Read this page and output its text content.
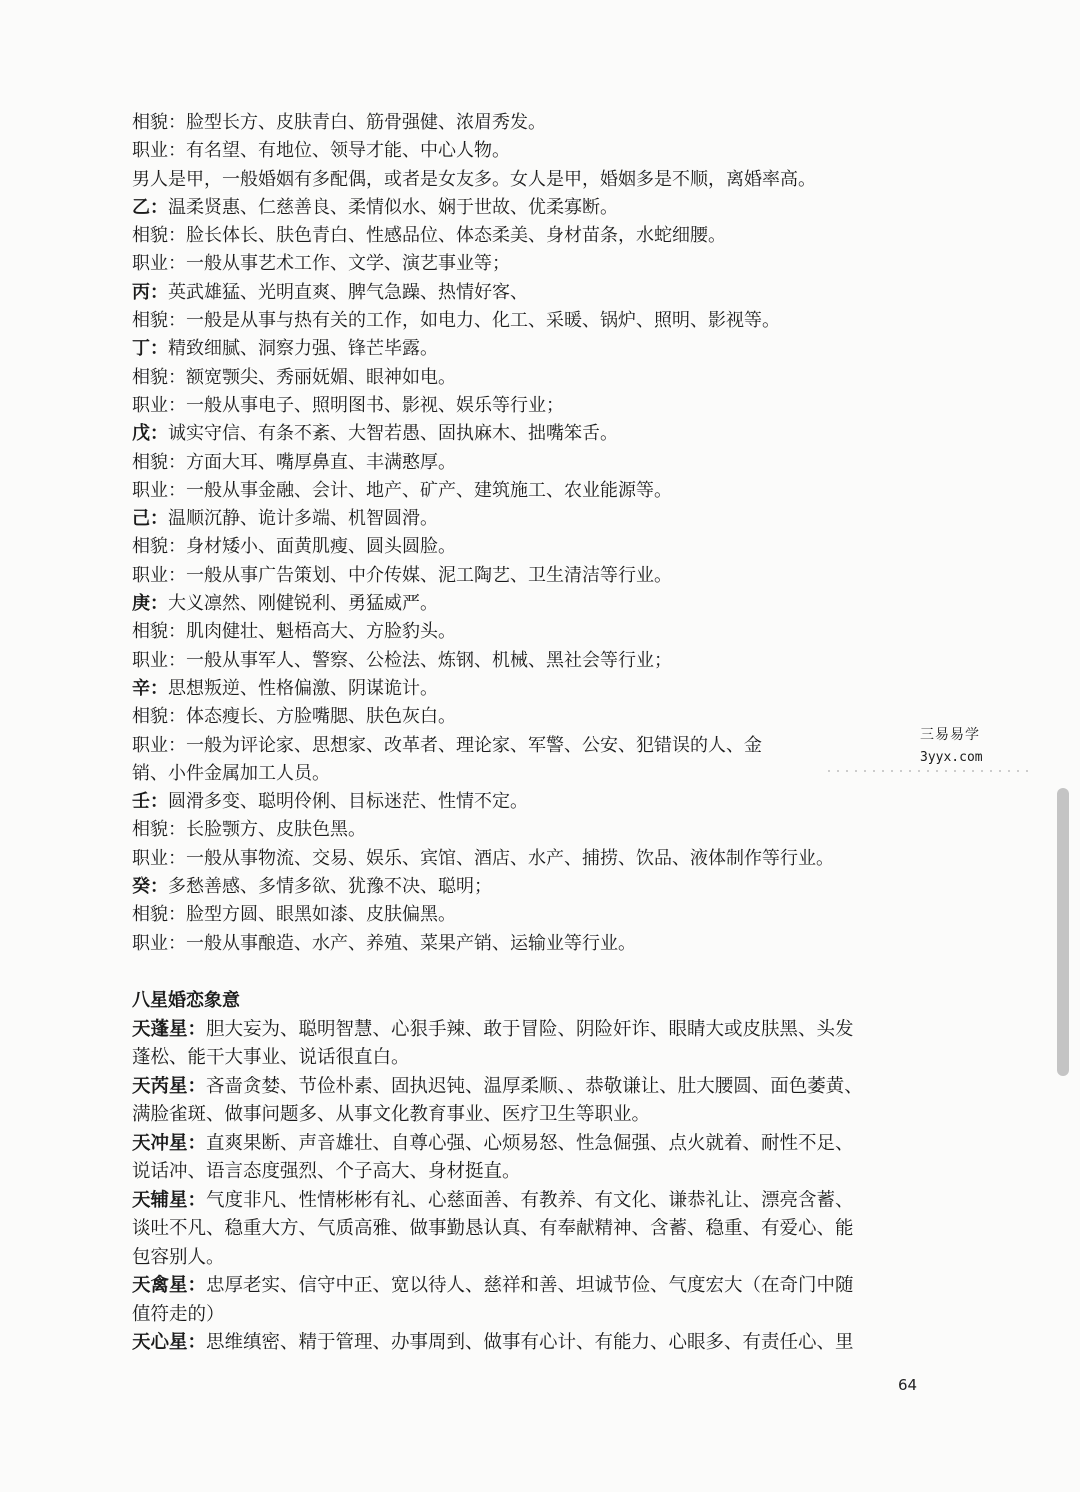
相貌：脸型长方、皮肤青白、筋骨强健、浓眉秀发。
职业：有名望、有地位、领导才能、中心人物。
男人是甲，一般婚姻有多配偶，或者是女友多。女人是甲，婚姻多是不顺，离婚率高。
乙：温柔贤惠、仁慈善良、柔情似水、娴于世故、优柔寡断。
相貌：脸长体长、肤色青白、性感品位、体态柔美、身材苗条，水蛇细腰。
职业：一般从事艺术工作、文学、演艺事业等；
丙：英武雄猛、光明直爽、脾气急躁、热情好客、
相貌：一般是从事与热有关的工作，如电力、化工、采暖、锅炉、照明、影视等。
丁：精致细腻、洞察力强、锋芒毕露。
相貌：额宽颚尖、秀丽妩媚、眼神如电。
职业：一般从事电子、照明图书、影视、娱乐等行业；
戊：诚实守信、有条不紊、大智若愚、固执麻木、拙嘴笨舌。
相貌：方面大耳、嘴厚鼻直、丰满憨厚。
职业：一般从事金融、会计、地产、矿产、建筑施工、农业能源等。
己：温顺沉静、诡计多端、机智圆滑。
相貌：身材矮小、面黄肌瘦、圆头圆脸。
职业：一般从事广告策划、中介传媒、泥工陶艺、卫生清洁等行业。
庚：大义凛然、刚健锐利、勇猛威严。
相貌：肌肉健壮、魁梧高大、方脸豹头。
职业：一般从事军人、警察、公检法、炼钢、机械、黑社会等行业；
辛：思想叛逆、性格偏激、阴谋诡计。
相貌：体态瘦长、方脸嘴腮、肤色灰白。
职业：一般为评论家、思想家、改革者、理论家、军警、公安、犯错误的人、金
销、小件金属加工人员。
壬：圆滑多变、聪明伶俐、目标迷茫、性情不定。
相貌：长脸颚方、皮肤色黑。
职业：一般从事物流、交易、娱乐、宾馆、酒店、水产、捕捞、饮品、液体制作等行业。
癸：多愁善感、多情多欲、犹豫不决、聪明；
相貌：脸型方圆、眼黑如漆、皮肤偏黑。
职业：一般从事酿造、水产、养殖、菜果产销、运输业等行业。
八星婚恋象意
天蓬星：胆大妄为、聪明智慧、心狠手辣、敢于冒险、阴险奸诈、眼睛大或皮肤黑、头发
蓬松、能干大事业、说话很直白。
天芮星：吝啬贪婪、节俭朴素、固执迟钝、温厚柔顺、、恭敬谦让、肚大腰圆、面色萎黄、
满脸雀斑、做事问题多、从事文化教育事业、医疗卫生等职业。
天冲星：直爽果断、声音雄壮、自尊心强、心烦易怒、性急倔强、点火就着、耐性不足、
说话冲、语言态度强烈、个子高大、身材挺直。
天辅星：气度非凡、性情彬彬有礼、心慈面善、有教养、有文化、谦恭礼让、漂亮含蓄、
谈吐不凡、稳重大方、气质高雅、做事勤恳认真、有奉献精神、含蓄、稳重、有爱心、能
包容别人。
天禽星：忠厚老实、信守中正、宽以待人、慈祥和善、坦诚节俭、气度宏大（在奇门中随
值符走的）
天心星：思维缜密、精于管理、办事周到、做事有心计、有能力、心眼多、有责任心、里
三易易学
3yyx.com
64
